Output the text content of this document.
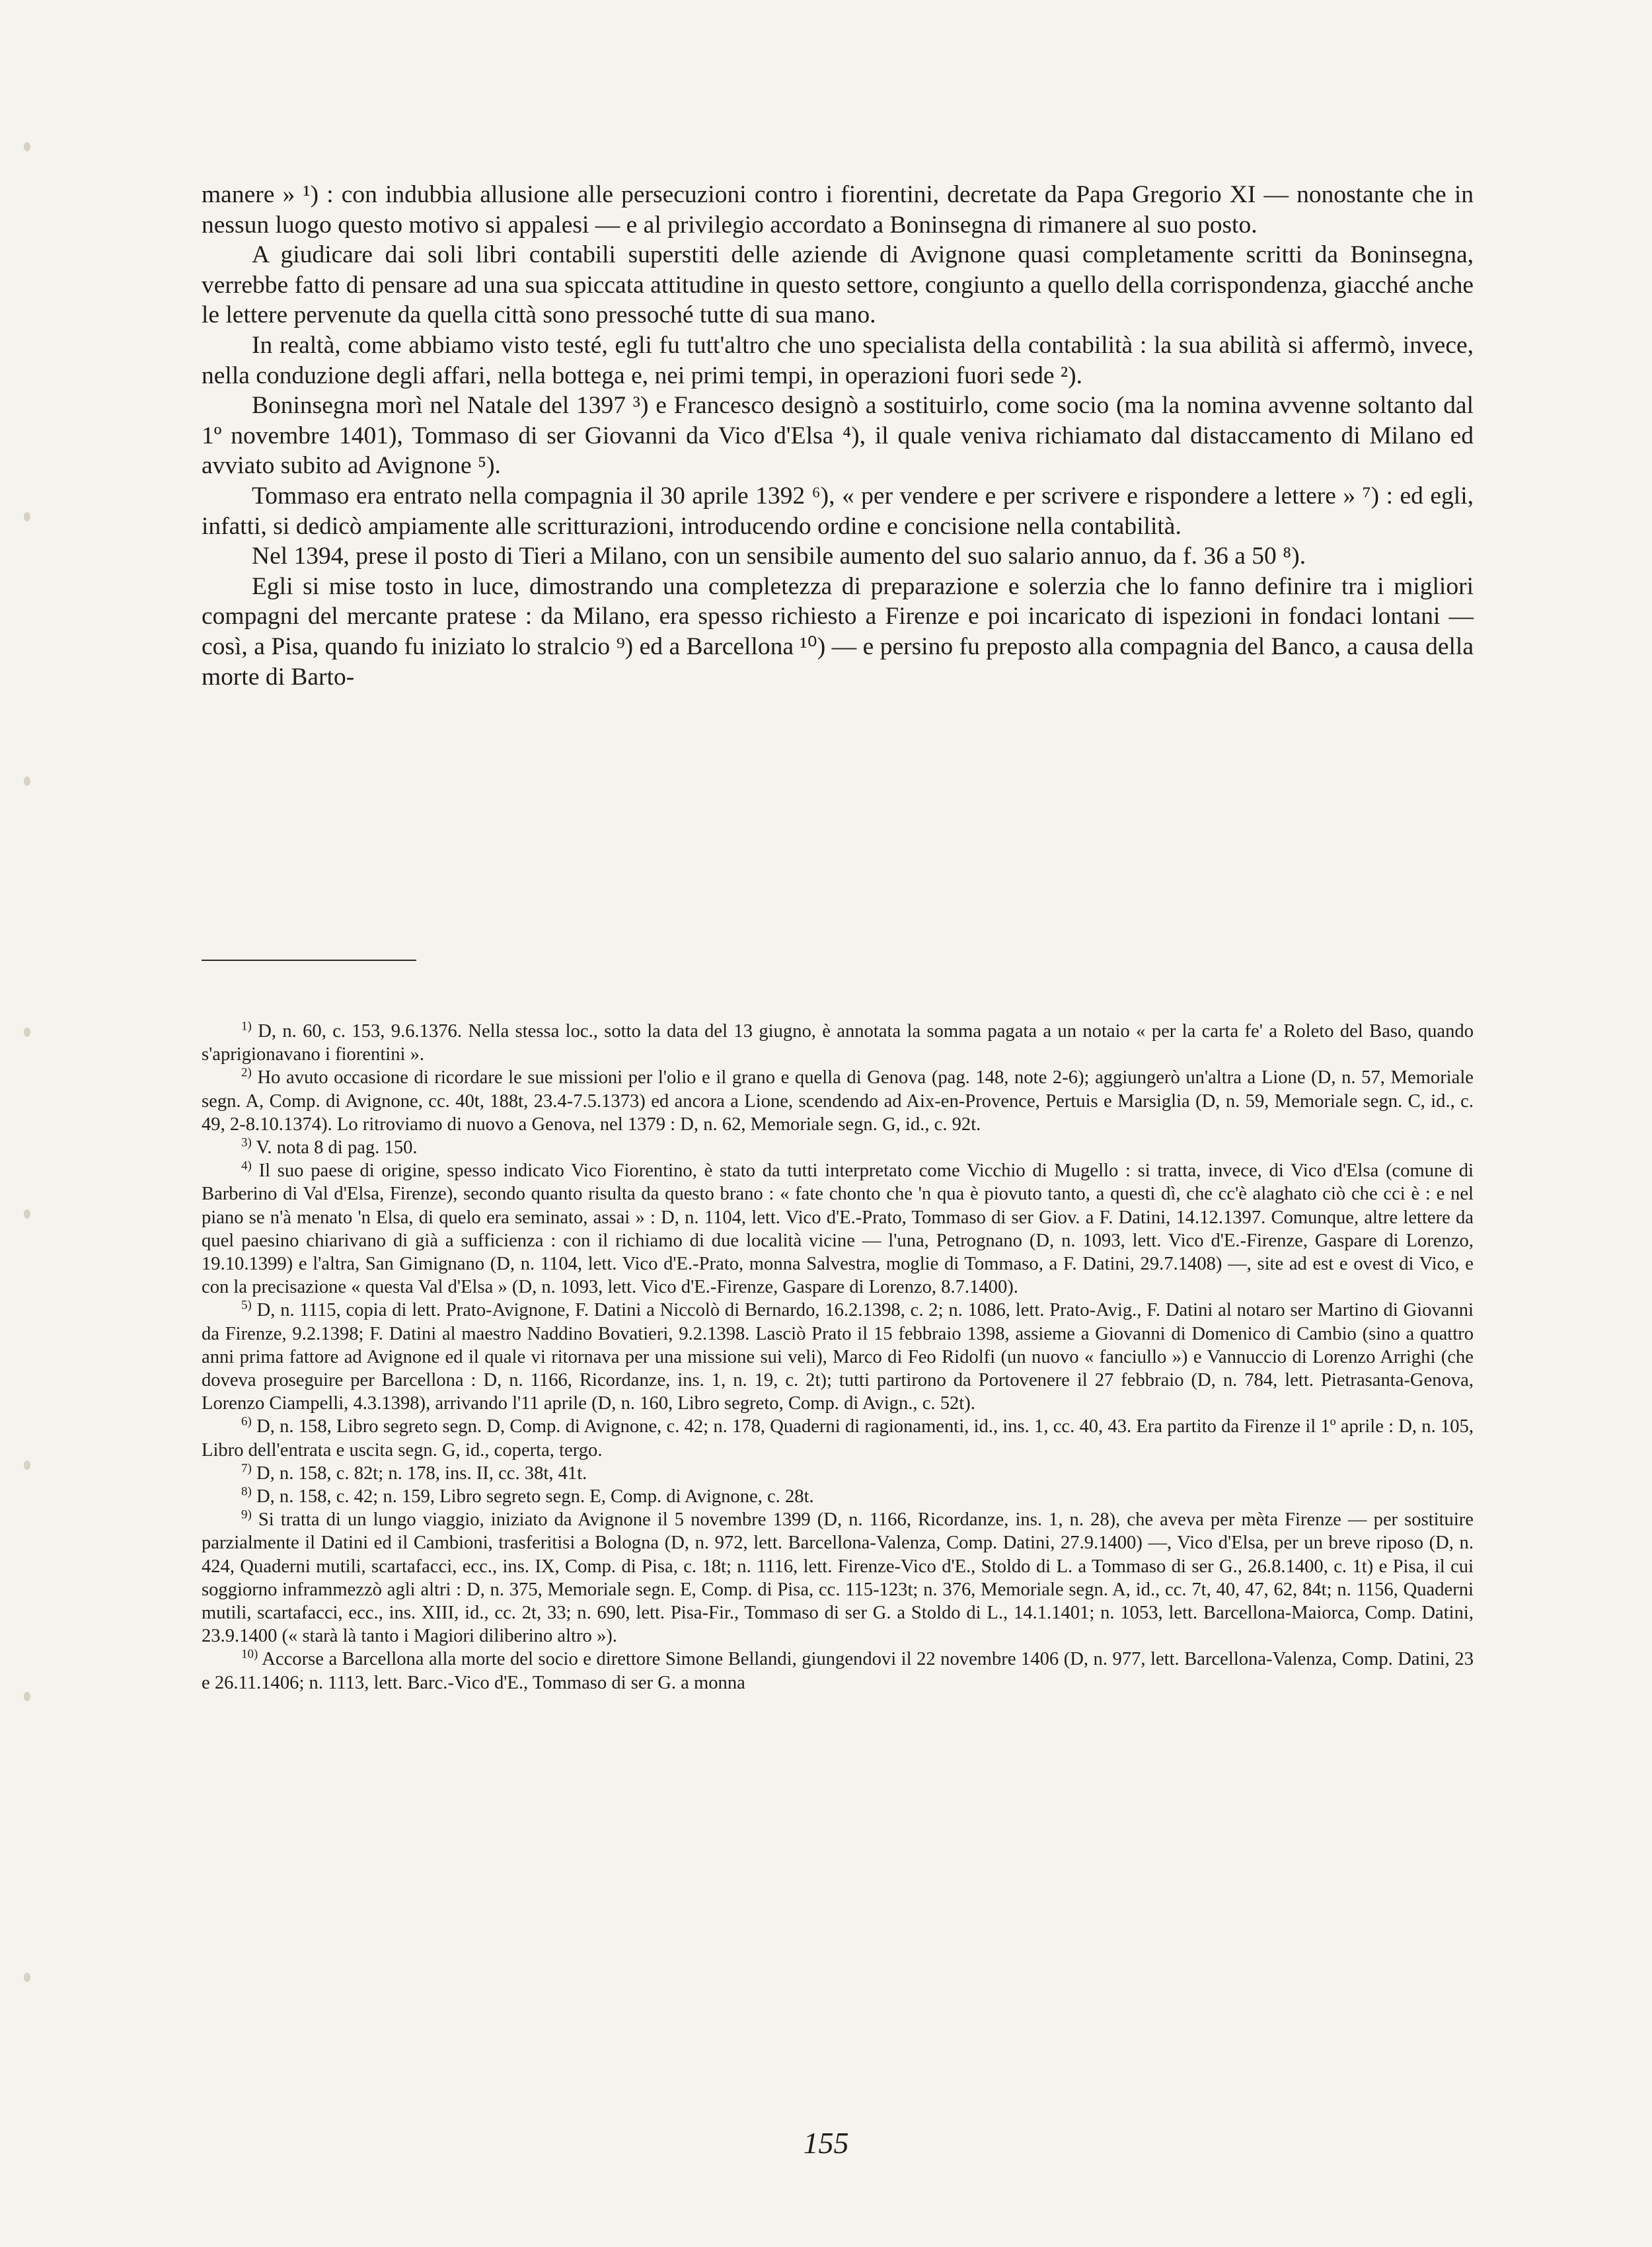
manere » ¹) : con indubbia allusione alle persecuzioni contro i fiorentini, decretate da Papa Gregorio XI — nonostante che in nessun luogo questo motivo si appalesi — e al privilegio accordato a Boninsegna di rimanere al suo posto.

A giudicare dai soli libri contabili superstiti delle aziende di Avignone quasi completamente scritti da Boninsegna, verrebbe fatto di pensare ad una sua spiccata attitudine in questo settore, congiunto a quello della corrispondenza, giacché anche le lettere pervenute da quella città sono pressoché tutte di sua mano.

In realtà, come abbiamo visto testé, egli fu tutt'altro che uno specialista della contabilità : la sua abilità si affermò, invece, nella conduzione degli affari, nella bottega e, nei primi tempi, in operazioni fuori sede ²).

Boninsegna morì nel Natale del 1397 ³) e Francesco designò a sostituirlo, come socio (ma la nomina avvenne soltanto dal 1º novembre 1401), Tommaso di ser Giovanni da Vico d'Elsa ⁴), il quale veniva richiamato dal distaccamento di Milano ed avviato subito ad Avignone ⁵).

Tommaso era entrato nella compagnia il 30 aprile 1392 ⁶), « per vendere e per scrivere e rispondere a lettere » ⁷) : ed egli, infatti, si dedicò ampiamente alle scritturazioni, introducendo ordine e concisione nella contabilità.

Nel 1394, prese il posto di Tieri a Milano, con un sensibile aumento del suo salario annuo, da f. 36 a 50 ⁸).

Egli si mise tosto in luce, dimostrando una completezza di preparazione e solerzia che lo fanno definire tra i migliori compagni del mercante pratese : da Milano, era spesso richiesto a Firenze e poi incaricato di ispezioni in fondaci lontani — così, a Pisa, quando fu iniziato lo stralcio ⁹) ed a Barcellona ¹⁰) — e persino fu preposto alla compagnia del Banco, a causa della morte di Barto-

$^{1)}$ D, n. 60, c. 153, 9.6.1376. Nella stessa loc., sotto la data del 13 giugno, è annotata la somma pagata a un notaio « per la carta fe' a Roleto del Baso, quando s'aprigionavano i fiorentini ».

$^{2)}$ Ho avuto occasione di ricordare le sue missioni per l'olio e il grano e quella di Genova (pag. 148, note 2-6); aggiungerò un'altra a Lione (D, n. 57, Memoriale segn. A, Comp. di Avignone, cc. 40t, 188t, 23.4-7.5.1373) ed ancora a Lione, scendendo ad Aix-en-Provence, Pertuis e Marsiglia (D, n. 59, Memoriale segn. C, id., c. 49, 2-8.10.1374). Lo ritroviamo di nuovo a Genova, nel 1379 : D, n. 62, Memoriale segn. G, id., c. 92t.

$^{3)}$ V. nota 8 di pag. 150.

$^{4)}$ Il suo paese di origine, spesso indicato Vico Fiorentino, è stato da tutti interpretato come Vicchio di Mugello : si tratta, invece, di Vico d'Elsa (comune di Barberino di Val d'Elsa, Firenze), secondo quanto risulta da questo brano : « fate chonto che 'n qua è piovuto tanto, a questi dì, che cc'è alaghato ciò che cci è : e nel piano se n'à menato 'n Elsa, di quelo era seminato, assai » : D, n. 1104, lett. Vico d'E.-Prato, Tommaso di ser Giov. a F. Datini, 14.12.1397. Comunque, altre lettere da quel paesino chiarivano di già a sufficienza : con il richiamo di due località vicine — l'una, Petrognano (D, n. 1093, lett. Vico d'E.-Firenze, Gaspare di Lorenzo, 19.10.1399) e l'altra, San Gimignano (D, n. 1104, lett. Vico d'E.-Prato, monna Salvestra, moglie di Tommaso, a F. Datini, 29.7.1408) —, site ad est e ovest di Vico, e con la precisazione « questa Val d'Elsa » (D, n. 1093, lett. Vico d'E.-Firenze, Gaspare di Lorenzo, 8.7.1400).

$^{5)}$ D, n. 1115, copia di lett. Prato-Avignone, F. Datini a Niccolò di Bernardo, 16.2.1398, c. 2; n. 1086, lett. Prato-Avig., F. Datini al notaro ser Martino di Giovanni da Firenze, 9.2.1398; F. Datini al maestro Naddino Bovatieri, 9.2.1398. Lasciò Prato il 15 febbraio 1398, assieme a Giovanni di Domenico di Cambio (sino a quattro anni prima fattore ad Avignone ed il quale vi ritornava per una missione sui veli), Marco di Feo Ridolfi (un nuovo « fanciullo ») e Vannuccio di Lorenzo Arrighi (che doveva proseguire per Barcellona : D, n. 1166, Ricordanze, ins. 1, n. 19, c. 2t); tutti partirono da Portovenere il 27 febbraio (D, n. 784, lett. Pietrasanta-Genova, Lorenzo Ciampelli, 4.3.1398), arrivando l'11 aprile (D, n. 160, Libro segreto, Comp. di Avign., c. 52t).

$^{6)}$ D, n. 158, Libro segreto segn. D, Comp. di Avignone, c. 42; n. 178, Quaderni di ragionamenti, id., ins. 1, cc. 40, 43. Era partito da Firenze il 1º aprile : D, n. 105, Libro dell'entrata e uscita segn. G, id., coperta, tergo.

$^{7)}$ D, n. 158, c. 82t; n. 178, ins. II, cc. 38t, 41t.

$^{8)}$ D, n. 158, c. 42; n. 159, Libro segreto segn. E, Comp. di Avignone, c. 28t.

$^{9)}$ Si tratta di un lungo viaggio, iniziato da Avignone il 5 novembre 1399 (D, n. 1166, Ricordanze, ins. 1, n. 28), che aveva per mèta Firenze — per sostituire parzialmente il Datini ed il Cambioni, trasferitisi a Bologna (D, n. 972, lett. Barcellona-Valenza, Comp. Datini, 27.9.1400) —, Vico d'Elsa, per un breve riposo (D, n. 424, Quaderni mutili, scartafacci, ecc., ins. IX, Comp. di Pisa, c. 18t; n. 1116, lett. Firenze-Vico d'E., Stoldo di L. a Tommaso di ser G., 26.8.1400, c. 1t) e Pisa, il cui soggiorno inframmezzò agli altri : D, n. 375, Memoriale segn. E, Comp. di Pisa, cc. 115-123t; n. 376, Memoriale segn. A, id., cc. 7t, 40, 47, 62, 84t; n. 1156, Quaderni mutili, scartafacci, ecc., ins. XIII, id., cc. 2t, 33; n. 690, lett. Pisa-Fir., Tommaso di ser G. a Stoldo di L., 14.1.1401; n. 1053, lett. Barcellona-Maiorca, Comp. Datini, 23.9.1400 (« starà là tanto i Magiori diliberino altro »).

$^{10)}$ Accorse a Barcellona alla morte del socio e direttore Simone Bellandi, giungendovi il 22 novembre 1406 (D, n. 977, lett. Barcellona-Valenza, Comp. Datini, 23 e 26.11.1406; n. 1113, lett. Barc.-Vico d'E., Tommaso di ser G. a monna

155
